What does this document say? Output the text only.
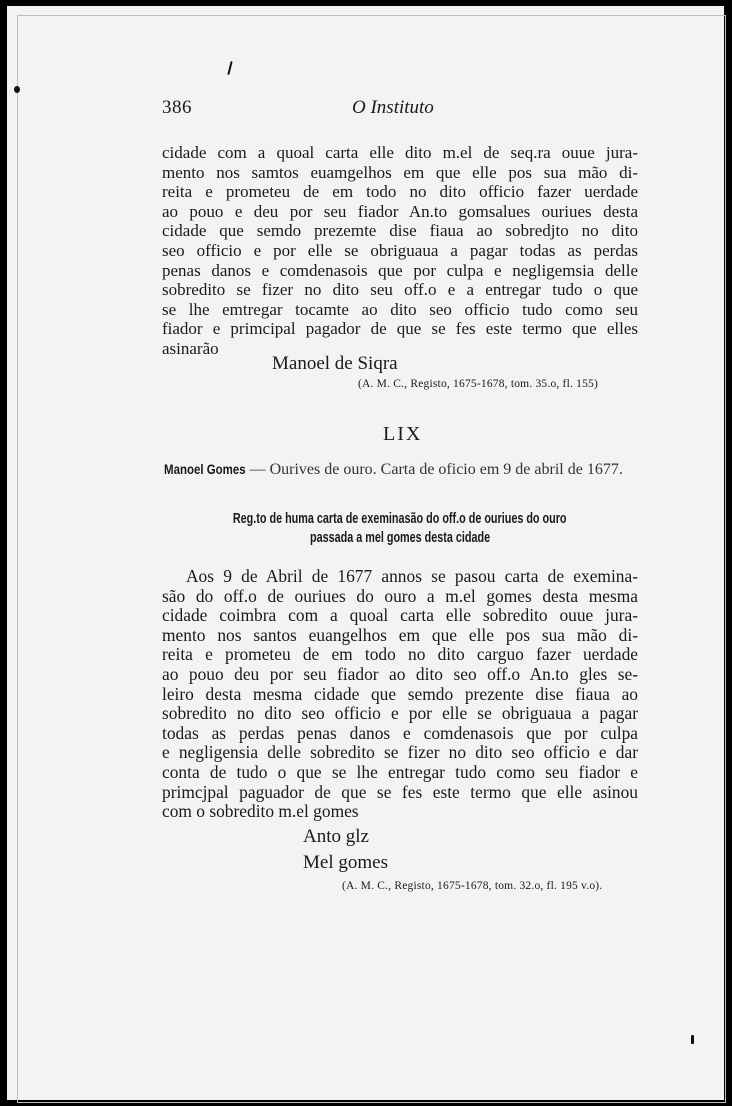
386	O Instituto
cidade com a quoal carta elle dito m.el de seq.ra ouue jura-
mento nos samtos euamgelhos em que elle pos sua mão di-
reita e prometeu de em todo no dito officio fazer uerdade
ao pouo e deu por seu fiador An.to gomsalues ouriues desta
cidade que semdo prezemte dise fiaua ao sobredjto no dito
seo officio e por elle se obriguaua a pagar todas as perdas
penas danos e comdenasois que por culpa e negligemsia delle
sobredito se fizer no dito seu off.o e a entregar tudo o que
se lhe emtregar tocamte ao dito seo officio tudo como seu
fiador e primcipal pagador de que se fes este termo que elles
asinarão
Manoel de Siqra
(A. M. C., Registo, 1675-1678, tom. 35.o, fl. 155)
LIX
Manoel Gomes — Ourives de ouro. Carta de oficio em 9 de abril de 1677.
Reg.to de huma carta de exeminasão do off.o de ouriues do ouro
passada a mel gomes desta cidade
Aos 9 de Abril de 1677 annos se pasou carta de exemina-
são do off.o de ouriues do ouro a m.el gomes desta mesma
cidade coimbra com a quoal carta elle sobredito ouue jura-
mento nos santos euangelhos em que elle pos sua mão di-
reita e prometeu de em todo no dito carguo fazer uerdade
ao pouo deu por seu fiador ao dito seo off.o An.to gles se-
leiro desta mesma cidade que semdo prezente dise fiaua ao
sobredito no dito seo officio e por elle se obriguaua a pagar
todas as perdas penas danos e comdenasois que por culpa
e negligensia delle sobredito se fizer no dito seo officio e dar
conta de tudo o que se lhe entregar tudo como seu fiador e
primcjpal paguador de que se fes este termo que elle asinou
com o sobredito m.el gomes
Anto glz
Mel gomes
(A. M. C., Registo, 1675-1678, tom. 32.o, fl. 195 v.o).
